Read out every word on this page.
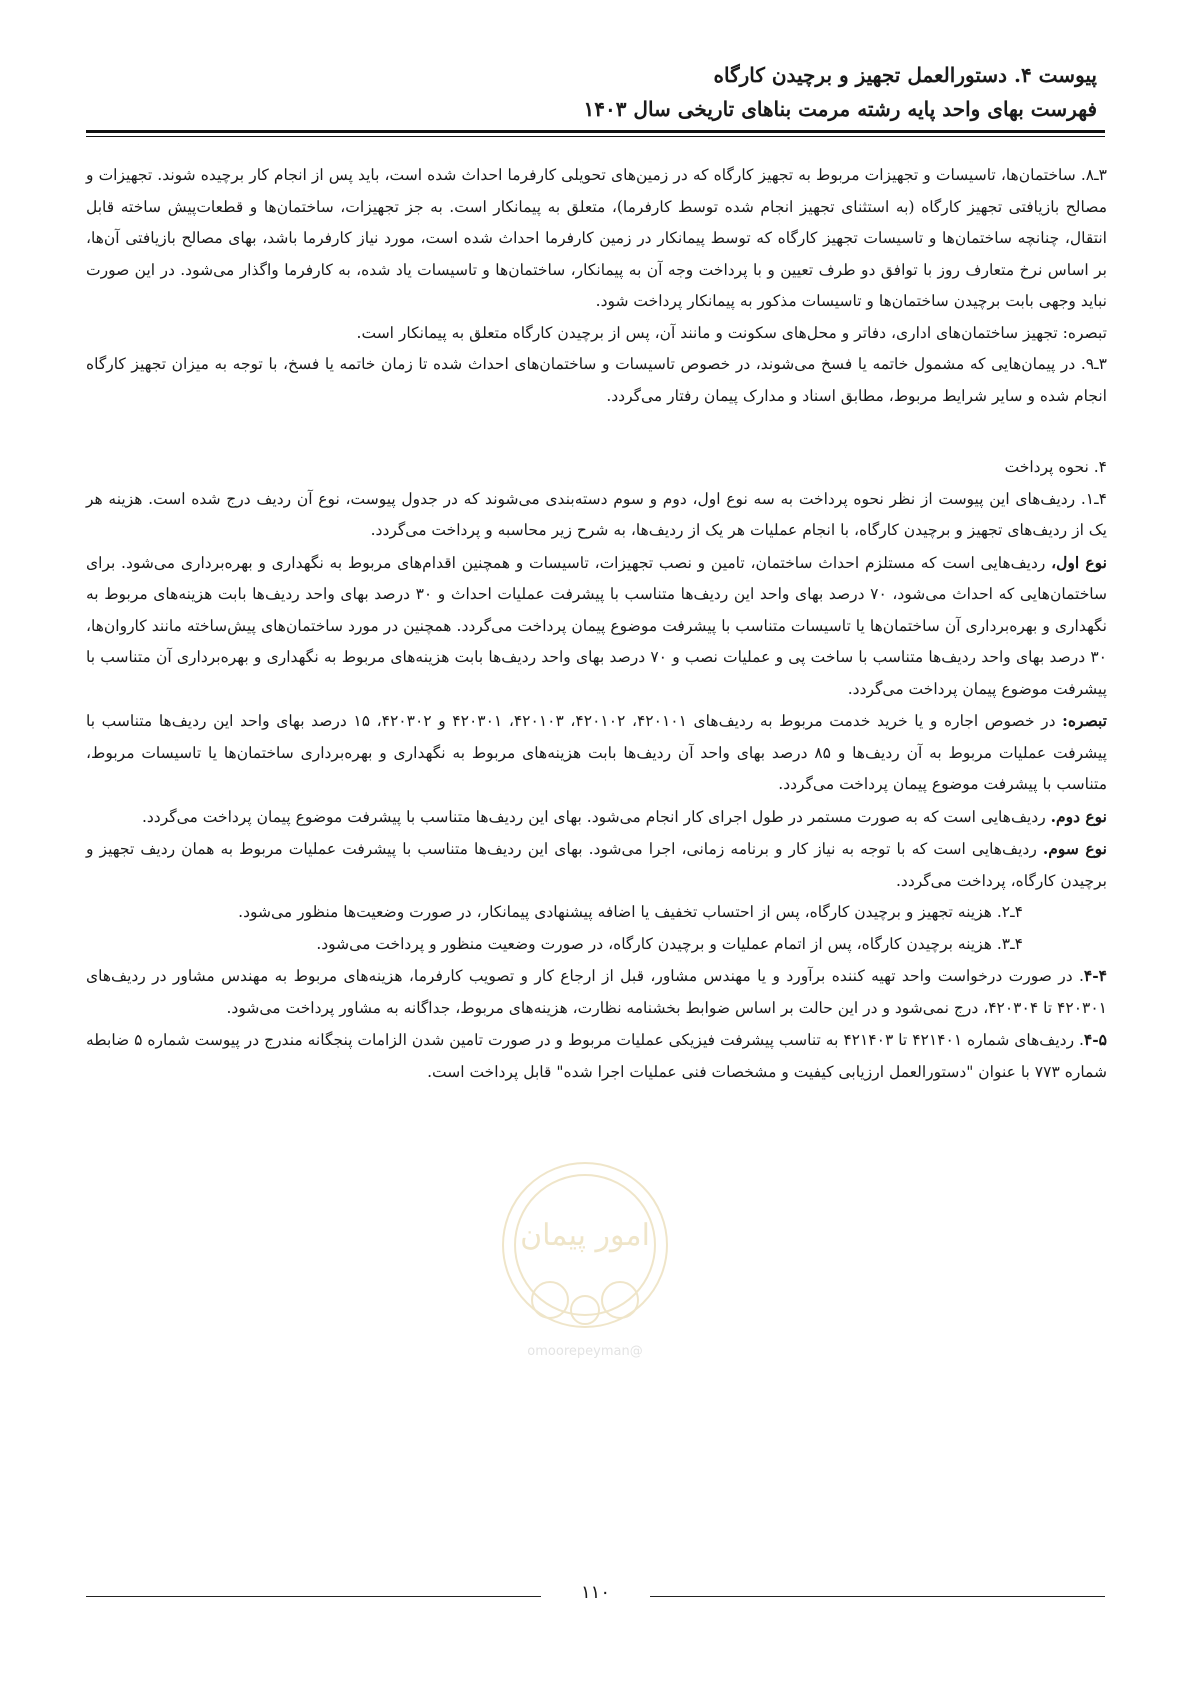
پیوست ۴. دستورالعمل تجهیز و برچیدن کارگاه
فهرست بهای واحد پایه رشته مرمت بناهای تاریخی سال ۱۴۰۳

۳ـ۸. ساختمان‌ها، تاسیسات و تجهیزات مربوط به تجهیز کارگاه که در زمین‌های تحویلی کارفرما احداث شده است، باید پس از انجام کار برچیده شوند. تجهیزات و مصالح بازیافتی تجهیز کارگاه (به استثنای تجهیز انجام شده توسط کارفرما)، متعلق به پیمانکار است. به جز تجهیزات، ساختمان‌ها و قطعات‌پیش ساخته قابل انتقال، چنانچه ساختمان‌ها و تاسیسات تجهیز کارگاه که توسط پیمانکار در زمین کارفرما احداث شده است، مورد نیاز کارفرما باشد، بهای مصالح بازیافتی آن‌ها، بر اساس نرخ متعارف روز با توافق دو طرف تعیین و با پرداخت وجه آن به پیمانکار، ساختمان‌ها و تاسیسات یاد شده، به کارفرما واگذار می‌شود. در این صورت نباید وجهی بابت برچیدن ساختمان‌ها و تاسیسات مذکور به پیمانکار پرداخت شود.

تبصره: تجهیز ساختمان‌های اداری، دفاتر و محل‌های سکونت و مانند آن، پس از برچیدن کارگاه متعلق به پیمانکار است.

۳ـ۹. در پیمان‌هایی که مشمول خاتمه یا فسخ می‌شوند، در خصوص تاسیسات و ساختمان‌های احداث شده تا زمان خاتمه یا فسخ، با توجه به میزان تجهیز کارگاه انجام شده و سایر شرایط مربوط، مطابق اسناد و مدارک پیمان رفتار می‌گردد.

۴. نحوه پرداخت

۴ـ۱. ردیف‌های این پیوست از نظر نحوه پرداخت به سه نوع اول، دوم و سوم دسته‌بندی می‌شوند که در جدول پیوست، نوع آن ردیف درج شده است. هزینه هر یک از ردیف‌های تجهیز و برچیدن کارگاه، با انجام عملیات هر یک از ردیف‌ها، به شرح زیر محاسبه و پرداخت می‌گردد.

نوع اول، ردیف‌هایی است که مستلزم احداث ساختمان، تامین و نصب تجهیزات، تاسیسات و همچنین اقدام‌های مربوط به نگهداری و بهره‌برداری می‌شود. برای ساختمان‌هایی که احداث می‌شود، ۷۰ درصد بهای واحد این ردیف‌ها متناسب با پیشرفت عملیات احداث و ۳۰ درصد بهای واحد ردیف‌ها بابت هزینه‌های مربوط به نگهداری و بهره‌برداری آن ساختمان‌ها یا تاسیسات متناسب با پیشرفت موضوع پیمان پرداخت می‌گردد. همچنین در مورد ساختمان‌های پیش‌ساخته مانند کاروان‌ها، ۳۰ درصد بهای واحد ردیف‌ها متناسب با ساخت پی و عملیات نصب و ۷۰ درصد بهای واحد ردیف‌ها بابت هزینه‌های مربوط به نگهداری و بهره‌برداری آن متناسب با پیشرفت موضوع پیمان پرداخت می‌گردد.

تبصره: در خصوص اجاره و یا خرید خدمت مربوط به ردیف‌های ۴۲۰۱۰۱، ۴۲۰۱۰۲، ۴۲۰۱۰۳، ۴۲۰۳۰۱ و ۴۲۰۳۰۲، ۱۵ درصد بهای واحد این ردیف‌ها متناسب با پیشرفت عملیات مربوط به آن ردیف‌ها و ۸۵ درصد بهای واحد آن ردیف‌ها بابت هزینه‌های مربوط به نگهداری و بهره‌برداری ساختمان‌ها یا تاسیسات مربوط، متناسب با پیشرفت موضوع پیمان پرداخت می‌گردد.

نوع دوم. ردیف‌هایی است که به صورت مستمر در طول اجرای کار انجام می‌شود. بهای این ردیف‌ها متناسب با پیشرفت موضوع پیمان پرداخت می‌گردد.

نوع سوم. ردیف‌هایی است که با توجه به نیاز کار و برنامه زمانی، اجرا می‌شود. بهای این ردیف‌ها متناسب با پیشرفت عملیات مربوط به همان ردیف تجهیز و برچیدن کارگاه، پرداخت می‌گردد.

۴ـ۲. هزینه تجهیز و برچیدن کارگاه، پس از احتساب تخفیف یا اضافه پیشنهادی پیمانکار، در صورت وضعیت‌ها منظور می‌شود.

۴ـ۳. هزینه برچیدن کارگاه، پس از اتمام عملیات و برچیدن کارگاه، در صورت وضعیت منظور و پرداخت می‌شود.

۴-۴. در صورت درخواست واحد تهیه کننده برآورد و یا مهندس مشاور، قبل از ارجاع کار و تصویب کارفرما، هزینه‌های مربوط به مهندس مشاور در ردیف‌های ۴۲۰۳۰۱ تا ۴۲۰۳۰۴، درج نمی‌شود و در این حالت بر اساس ضوابط بخشنامه نظارت، هزینه‌های مربوط، جداگانه به مشاور پرداخت می‌شود.

۴-۵. ردیف‌های شماره ۴۲۱۴۰۱ تا ۴۲۱۴۰۳ به تناسب پیشرفت فیزیکی عملیات مربوط و در صورت تامین شدن الزامات پنجگانه مندرج در پیوست شماره ۵ ضابطه شماره ۷۷۳ با عنوان "دستورالعمل ارزیابی کیفیت و مشخصات فنی عملیات اجرا شده" قابل پرداخت است.

امور پیمان
@omoorepeyman
۱۱۰
